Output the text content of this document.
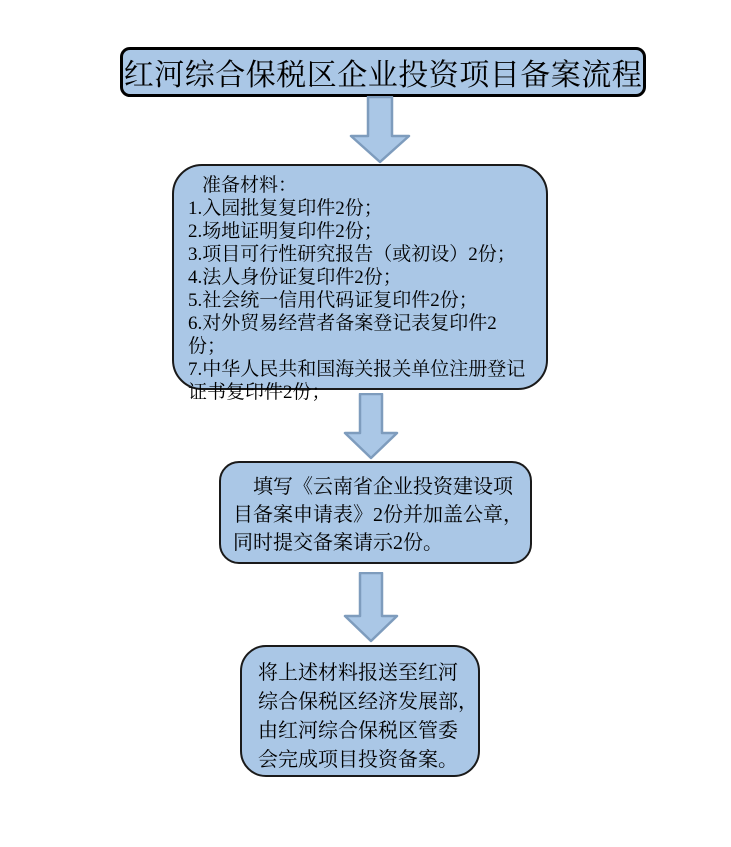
红河综合保税区企业投资项目备案流程
准备材料：
1.入园批复复印件2份；
2.场地证明复印件2份；
3.项目可行性研究报告（或初设）2份；
4.法人身份证复印件2份；
5.社会统一信用代码证复印件2份；
6.对外贸易经营者备案登记表复印件2份；
7.中华人民共和国海关报关单位注册登记证书复印件2份；
填写《云南省企业投资建设项
目备案申请表》2份并加盖公章，
同时提交备案请示2份。
将上述材料报送至红河
综合保税区经济发展部，
由红河综合保税区管委
会完成项目投资备案。
